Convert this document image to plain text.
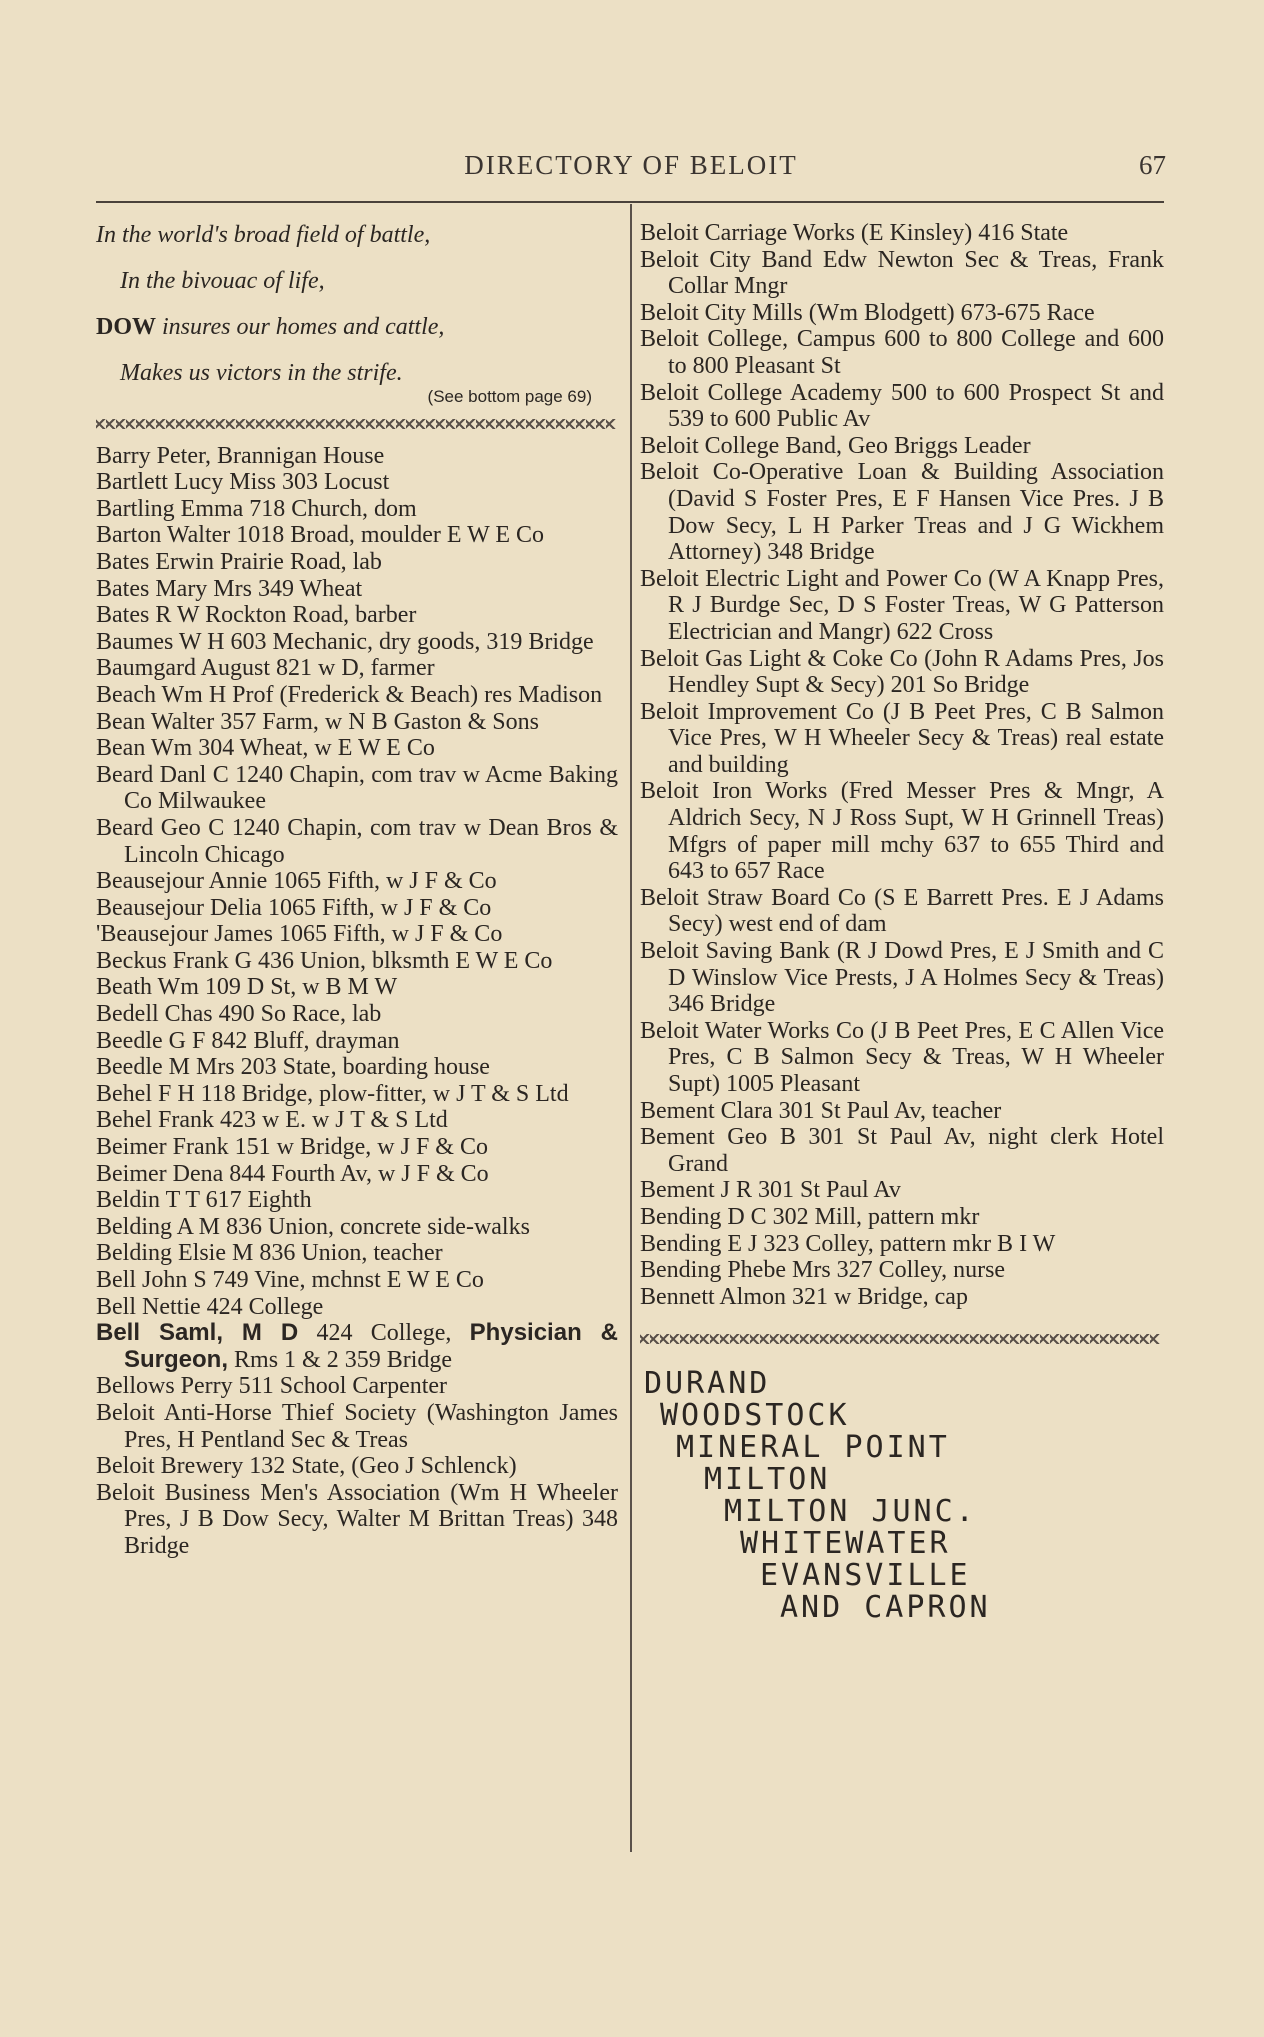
DIRECTORY OF BELOIT	67
In the world's broad field of battle,
In the bivouac of life,
DOW insures our homes and cattle,
Makes us victors in the strife.
(See bottom page 69)
Barry Peter, Brannigan House
Bartlett Lucy Miss 303 Locust
Bartling Emma 718 Church, dom
Barton Walter 1018 Broad, moulder E W E Co
Bates Erwin Prairie Road, lab
Bates Mary Mrs 349 Wheat
Bates R W Rockton Road, barber
Baumes W H 603 Mechanic, dry goods, 319 Bridge
Baumgard August 821 w D, farmer
Beach Wm H Prof (Frederick & Beach) res Madison
Bean Walter 357 Farm, w N B Gaston & Sons
Bean Wm 304 Wheat, w E W E Co
Beard Danl C 1240 Chapin, com trav w Acme Baking Co Milwaukee
Beard Geo C 1240 Chapin, com trav w Dean Bros & Lincoln Chicago
Beausejour Annie 1065 Fifth, w J F & Co
Beausejour Delia 1065 Fifth, w J F & Co
'Beausejour James 1065 Fifth, w J F & Co
Beckus Frank G 436 Union, blksmth E W E Co
Beath Wm 109 D St, w B M W
Bedell Chas 490 So Race, lab
Beedle G F 842 Bluff, drayman
Beedle M Mrs 203 State, boarding house
Behel F H 118 Bridge, plow-fitter, w J T & S Ltd
Behel Frank 423 w E. w J T & S Ltd
Beimer Frank 151 w Bridge, w J F & Co
Beimer Dena 844 Fourth Av, w J F & Co
Beldin T T 617 Eighth
Belding A M 836 Union, concrete side-walks
Belding Elsie M 836 Union, teacher
Bell John S 749 Vine, mchnst E W E Co
Bell Nettie 424 College
Bell Saml, M D 424 College, Physician & Surgeon, Rms 1 & 2 359 Bridge
Bellows Perry 511 School Carpenter
Beloit Anti-Horse Thief Society (Washington James Pres, H Pentland Sec & Treas
Beloit Brewery 132 State, (Geo J Schlenck)
Beloit Business Men's Association (Wm H Wheeler Pres, J B Dow Secy, Walter M Brittan Treas) 348 Bridge
Beloit Carriage Works (E Kinsley) 416 State
Beloit City Band Edw Newton Sec & Treas, Frank Collar Mngr
Beloit City Mills (Wm Blodgett) 673-675 Race
Beloit College, Campus 600 to 800 College and 600 to 800 Pleasant St
Beloit College Academy 500 to 600 Prospect St and 539 to 600 Public Av
Beloit College Band, Geo Briggs Leader
Beloit Co-Operative Loan & Building Association (David S Foster Pres, E F Hansen Vice Pres. J B Dow Secy, L H Parker Treas and J G Wickhem Attorney) 348 Bridge
Beloit Electric Light and Power Co (W A Knapp Pres, R J Burdge Sec, D S Foster Treas, W G Patterson Electrician and Mangr) 622 Cross
Beloit Gas Light & Coke Co (John R Adams Pres, Jos Hendley Supt & Secy) 201 So Bridge
Beloit Improvement Co (J B Peet Pres, C B Salmon Vice Pres, W H Wheeler Secy & Treas) real estate and building
Beloit Iron Works (Fred Messer Pres & Mngr, A Aldrich Secy, N J Ross Supt, W H Grinnell Treas) Mfgrs of paper mill mchy 637 to 655 Third and 643 to 657 Race
Beloit Straw Board Co (S E Barrett Pres. E J Adams Secy) west end of dam
Beloit Saving Bank (R J Dowd Pres, E J Smith and C D Winslow Vice Prests, J A Holmes Secy & Treas) 346 Bridge
Beloit Water Works Co (J B Peet Pres, E C Allen Vice Pres, C B Salmon Secy & Treas, W H Wheeler Supt) 1005 Pleasant
Bement Clara 301 St Paul Av, teacher
Bement Geo B 301 St Paul Av, night clerk Hotel Grand
Bement J R 301 St Paul Av
Bending D C 302 Mill, pattern mkr
Bending E J 323 Colley, pattern mkr B I W
Bending Phebe Mrs 327 Colley, nurse
Bennett Almon 321 w Bridge, cap
DURAND
WOODSTOCK
MINERAL POINT
MILTON
MILTON JUNC.
WHITEWATER
EVANSVILLE
AND CAPRON
